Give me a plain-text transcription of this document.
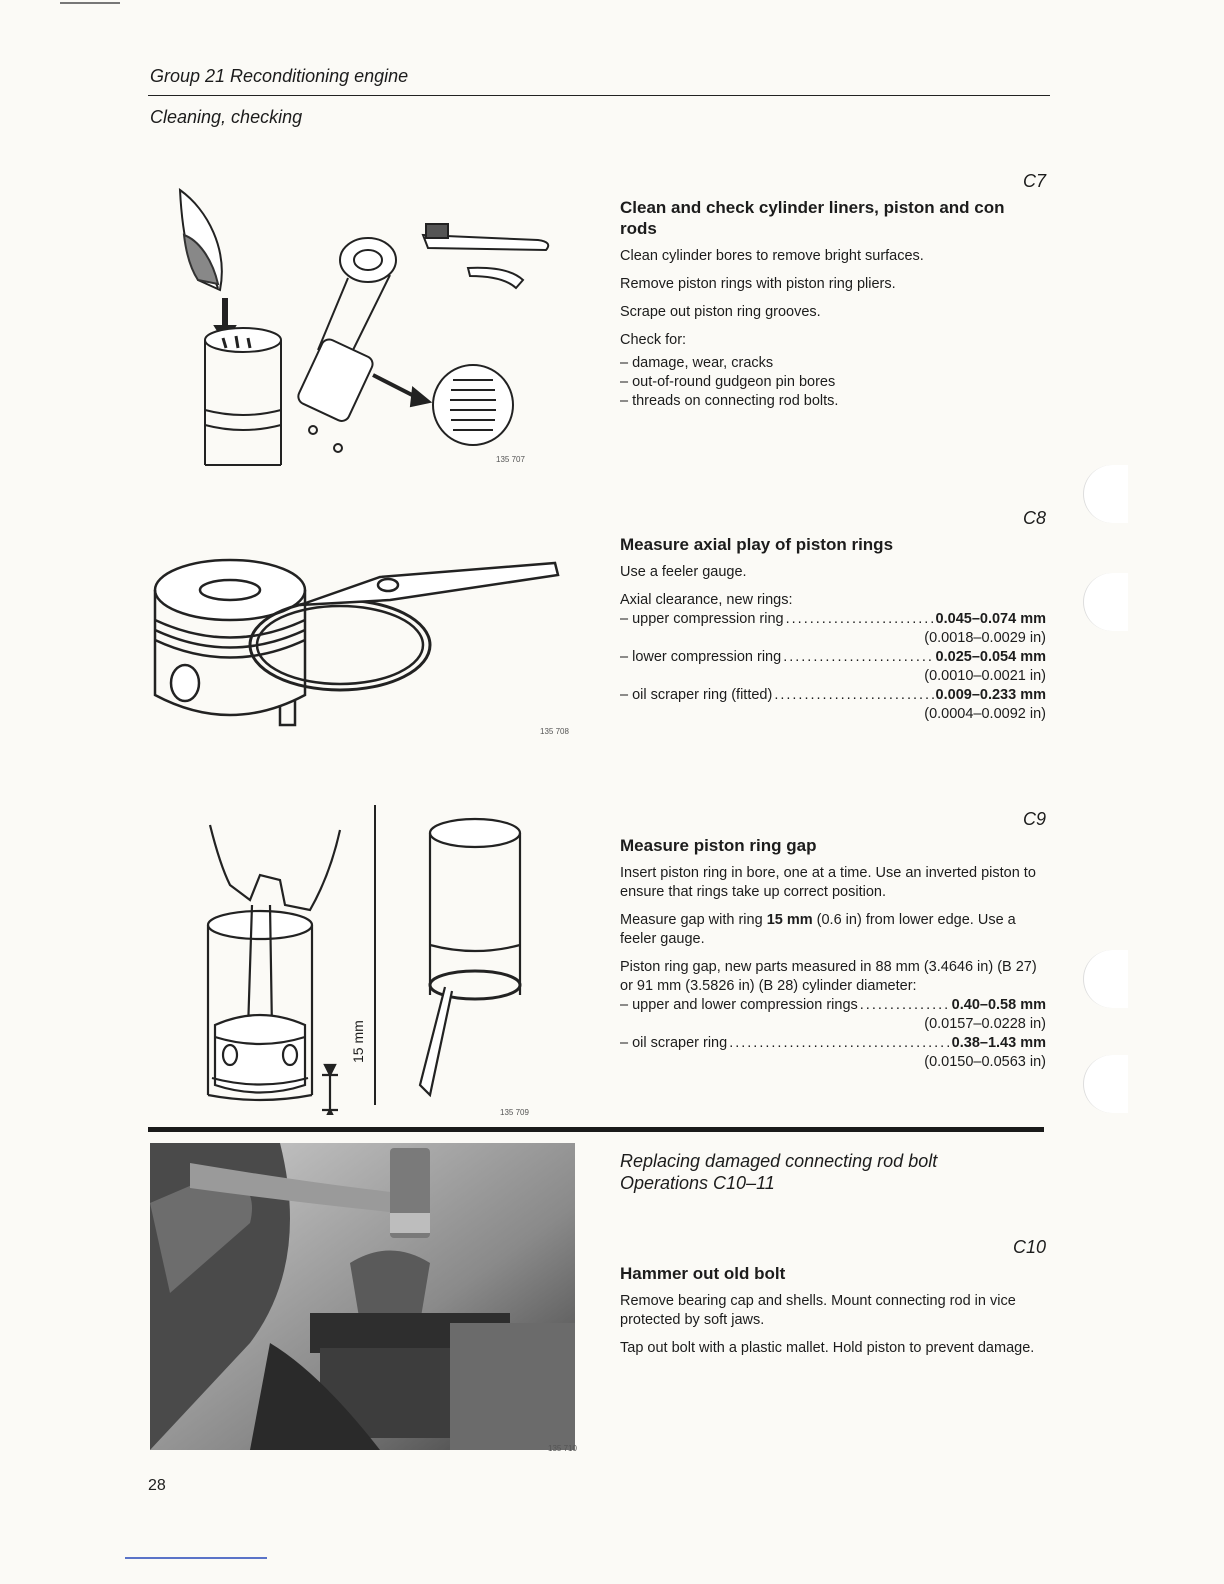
Group 21 Reconditioning engine
Cleaning, checking
135 707
C7
Clean and check cylinder liners, piston and con rods

Clean cylinder bores to remove bright surfaces.

Remove piston rings with piston ring pliers.

Scrape out piston ring grooves.

Check for:

– damage, wear, cracks
– out-of-round gudgeon pin bores
– threads on connecting rod bolts.
135 708
C8
Measure axial play of piston rings

Use a feeler gauge.

Axial clearance, new rings:

– upper compression ring .....	0.045–0.074 mm
(0.0018–0.0029 in)
– lower compression ring .....	0.025–0.054 mm
(0.0010–0.0021 in)
– oil scraper ring (fitted) .....	0.009–0.233 mm
(0.0004–0.0092 in)
15 mm
135 709
C9
Measure piston ring gap

Insert piston ring in bore, one at a time. Use an inverted piston to ensure that rings take up correct position.

Measure gap with ring 15 mm (0.6 in) from lower edge. Use a feeler gauge.

Piston ring gap, new parts measured in 88 mm (3.4646 in) (B 27) or 91 mm (3.5826 in) (B 28) cylinder diameter:

– upper and lower compression rings .....	0.40–0.58 mm
(0.0157–0.0228 in)
– oil scraper ring .....	0.38–1.43 mm
(0.0150–0.0563 in)
135 710
Replacing damaged connecting rod bolt
Operations C10–11
C10
Hammer out old bolt

Remove bearing cap and shells. Mount connecting rod in vice protected by soft jaws.

Tap out bolt with a plastic mallet. Hold piston to prevent damage.

28
